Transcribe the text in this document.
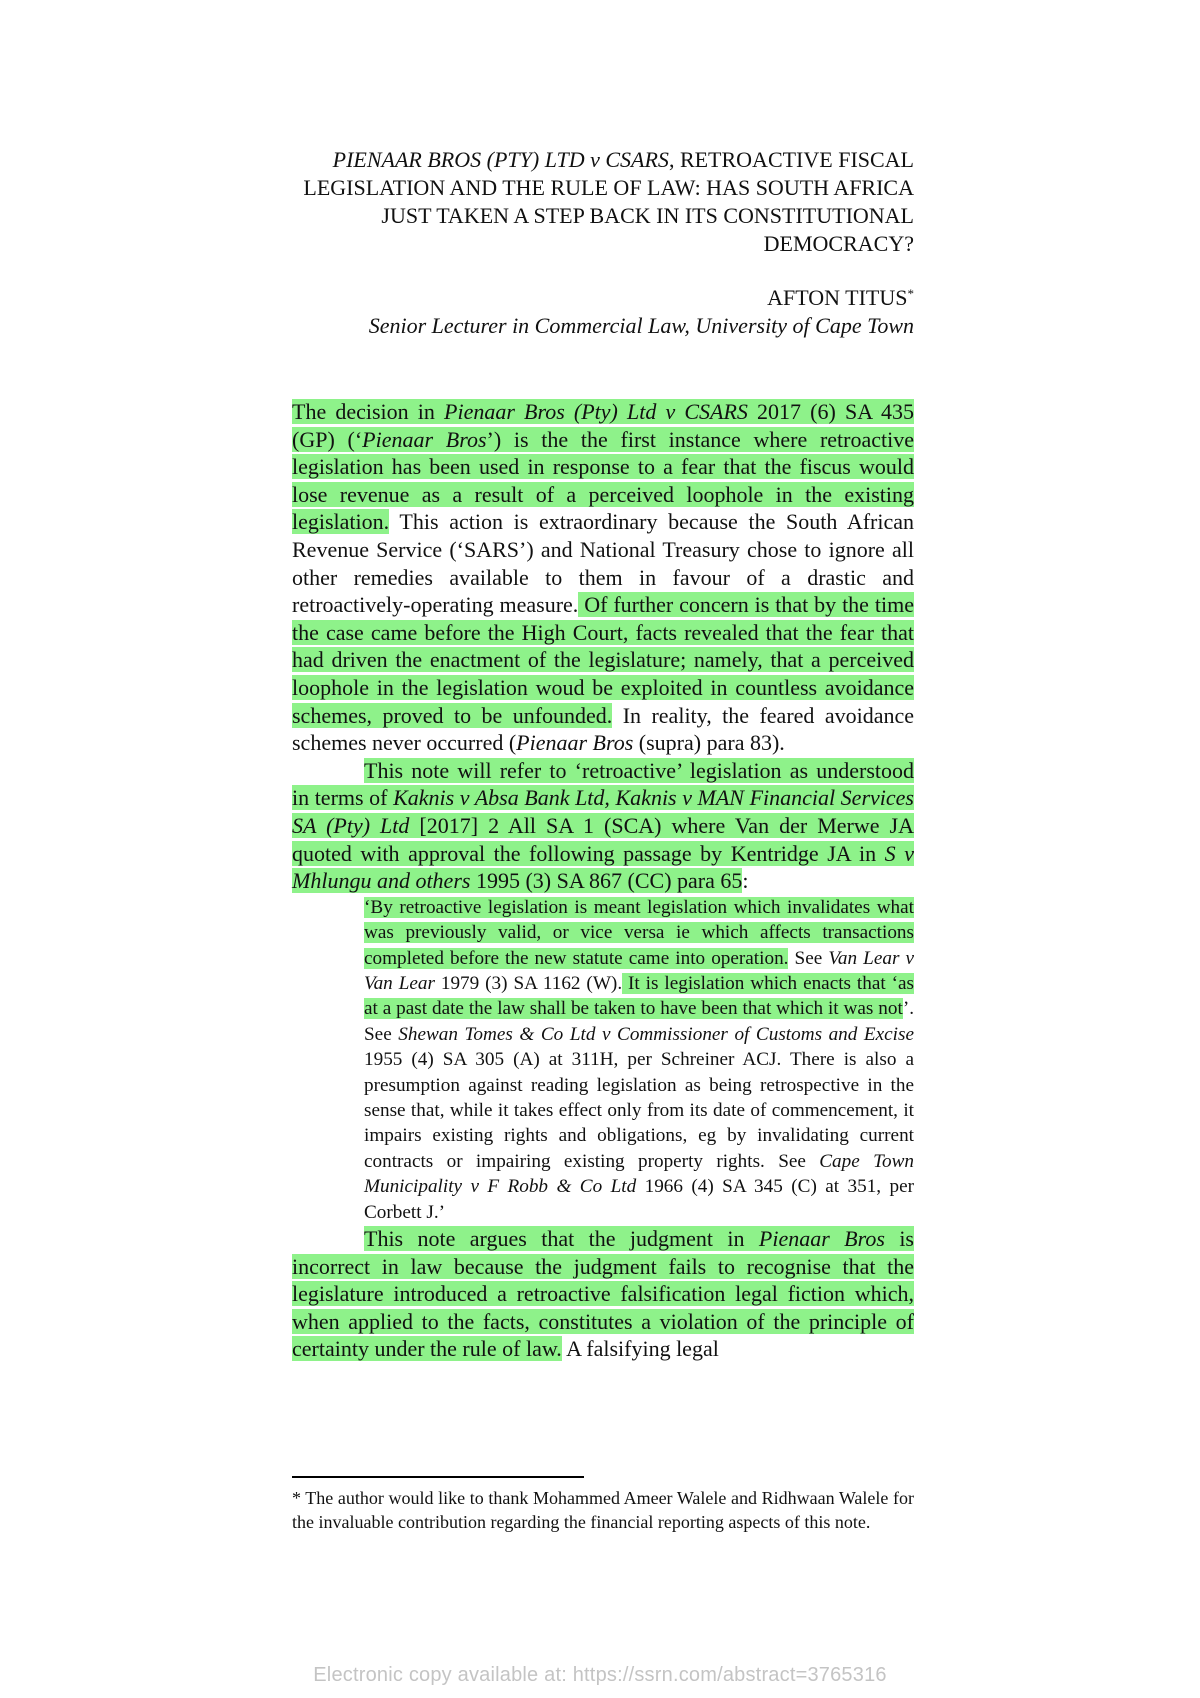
PIENAAR BROS (PTY) LTD v CSARS, RETROACTIVE FISCAL LEGISLATION AND THE RULE OF LAW: HAS SOUTH AFRICA JUST TAKEN A STEP BACK IN ITS CONSTITUTIONAL DEMOCRACY?
AFTON TITUS*
Senior Lecturer in Commercial Law, University of Cape Town

The decision in Pienaar Bros (Pty) Ltd v CSARS 2017 (6) SA 435 (GP) (‘Pienaar Bros’) is the the first instance where retroactive legislation has been used in response to a fear that the fiscus would lose revenue as a result of a perceived loophole in the existing legislation. This action is extraordinary because the South African Revenue Service (‘SARS’) and National Treasury chose to ignore all other remedies available to them in favour of a drastic and retroactively-operating measure. Of further concern is that by the time the case came before the High Court, facts revealed that the fear that had driven the enactment of the legislature; namely, that a perceived loophole in the legislation woud be exploited in countless avoidance schemes, proved to be unfounded. In reality, the feared avoidance schemes never occurred (Pienaar Bros (supra) para 83).

This note will refer to ‘retroactive’ legislation as understood in terms of Kaknis v Absa Bank Ltd, Kaknis v MAN Financial Services SA (Pty) Ltd [2017] 2 All SA 1 (SCA) where Van der Merwe JA quoted with approval the following passage by Kentridge JA in S v Mhlungu and others 1995 (3) SA 867 (CC) para 65:

‘By retroactive legislation is meant legislation which invalidates what was previously valid, or vice versa ie which affects transactions completed before the new statute came into operation. See Van Lear v Van Lear 1979 (3) SA 1162 (W). It is legislation which enacts that ‘as at a past date the law shall be taken to have been that which it was not’. See Shewan Tomes & Co Ltd v Commissioner of Customs and Excise 1955 (4) SA 305 (A) at 311H, per Schreiner ACJ. There is also a presumption against reading legislation as being retrospective in the sense that, while it takes effect only from its date of commencement, it impairs existing rights and obligations, eg by invalidating current contracts or impairing existing property rights. See Cape Town Municipality v F Robb & Co Ltd 1966 (4) SA 345 (C) at 351, per Corbett J.’

This note argues that the judgment in Pienaar Bros is incorrect in law because the judgment fails to recognise that the legislature introduced a retroactive falsification legal fiction which, when applied to the facts, constitutes a violation of the principle of certainty under the rule of law. A falsifying legal

* The author would like to thank Mohammed Ameer Walele and Ridhwaan Walele for the invaluable contribution regarding the financial reporting aspects of this note.
Electronic copy available at: https://ssrn.com/abstract=3765316
